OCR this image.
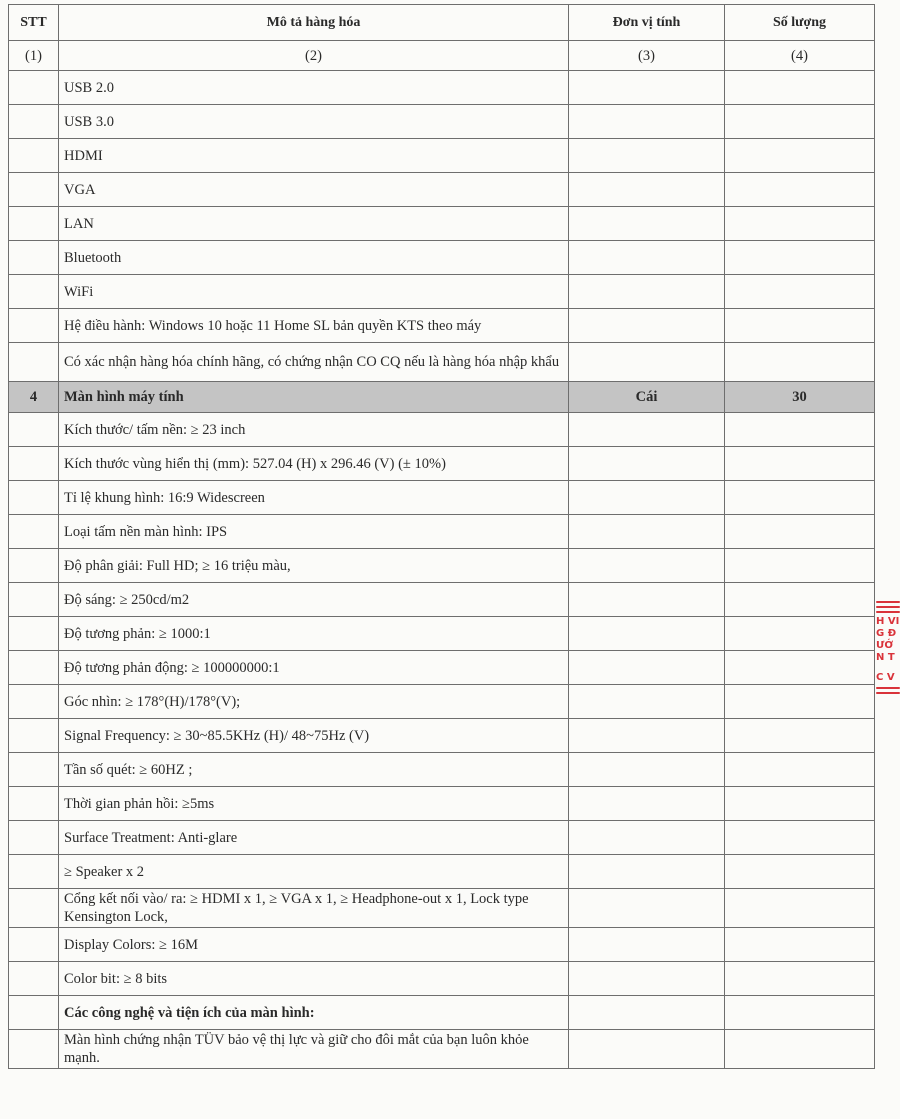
STT	Mô tả hàng hóa	Đơn vị tính	Số lượng
(1)	(2)	(3)	(4)
	USB 2.0		
	USB 3.0		
	HDMI		
	VGA		
	LAN		
	Bluetooth		
	WiFi		
	Hệ điều hành: Windows 10 hoặc 11 Home SL bản quyền KTS theo máy		
	Có xác nhận hàng hóa chính hãng, có chứng nhận CO CQ nếu là hàng hóa nhập khẩu		
4	Màn hình máy tính	Cái	30
	Kích thước/ tấm nền: ≥ 23 inch		
	Kích thước vùng hiển thị (mm): 527.04 (H) x 296.46 (V) (± 10%)		
	Tỉ lệ khung hình: 16:9 Widescreen		
	Loại tấm nền màn hình: IPS		
	Độ phân giải: Full HD; ≥ 16 triệu màu,		
	Độ sáng: ≥ 250cd/m2		
	Độ tương phản: ≥ 1000:1		
	Độ tương phản động: ≥ 100000000:1		
	Góc nhìn: ≥ 178°(H)/178°(V);		
	Signal Frequency: ≥ 30~85.5KHz (H)/ 48~75Hz (V)		
	Tần số quét: ≥ 60HZ ;		
	Thời gian phản hồi: ≥5ms		
	Surface Treatment: Anti-glare		
	≥ Speaker x 2		
	Cổng kết nối vào/ ra: ≥ HDMI x 1, ≥ VGA x 1, ≥ Headphone-out x 1, Lock type Kensington Lock,		
	Display Colors: ≥ 16M		
	Color bit: ≥ 8 bits		
	Các công nghệ và tiện ích của màn hình:		
	Màn hình chứng nhận TÜV bảo vệ thị lực và giữ cho đôi mắt của bạn luôn khỏe mạnh.		
H VI
G Đ
ƯỚ
N T
C V
